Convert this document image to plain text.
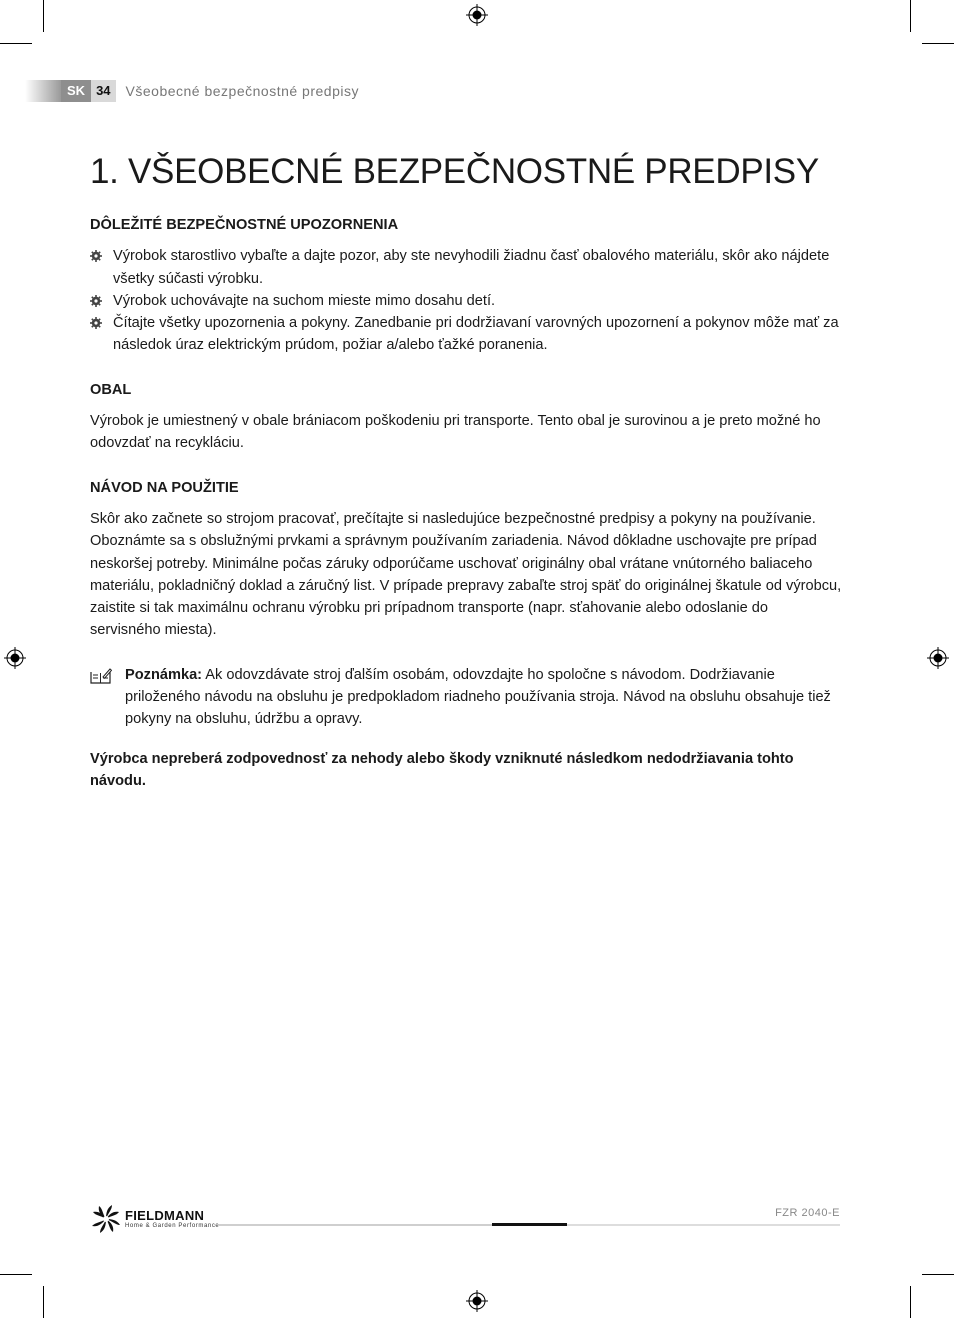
SK 34	Všeobecné bezpečnostné predpisy
1. VŠEOBECNÉ BEZPEČNOSTNÉ PREDPISY
DÔLEŽITÉ BEZPEČNOSTNÉ UPOZORNENIA
Výrobok starostlivo vybaľte a dajte pozor, aby ste nevyhodili žiadnu časť obalového materiálu, skôr ako nájdete všetky súčasti výrobku.
Výrobok uchovávajte na suchom mieste mimo dosahu detí.
Čítajte všetky upozornenia a pokyny. Zanedbanie pri dodržiavaní varovných upozornení a pokynov môže mať za následok úraz elektrickým prúdom, požiar a/alebo ťažké poranenia.
OBAL

Výrobok je umiestnený v obale brániacom poškodeniu pri transporte. Tento obal je surovinou a je preto možné ho odovzdať na recykláciu.

NÁVOD NA POUŽITIE

Skôr ako začnete so strojom pracovať, prečítajte si nasledujúce bezpečnostné predpisy a pokyny na používanie. Oboznámte sa s obslužnými prvkami a správnym používaním zariadenia. Návod dôkladne uschovajte pre prípad neskoršej potreby. Minimálne počas záruky odporúčame uschovať originálny obal vrátane vnútorného baliaceho materiálu, pokladničný doklad a záručný list. V prípade prepravy zabaľte stroj späť do originálnej škatule od výrobcu, zaistite si tak maximálnu ochranu výrobku pri prípadnom transporte (napr. sťahovanie alebo odoslanie do servisného miesta).

Poznámka: Ak odovzdávate stroj ďalším osobám, odovzdajte ho spoločne s návodom. Dodržiavanie priloženého návodu na obsluhu je predpokladom riadneho používania stroja. Návod na obsluhu obsahuje tiež pokyny na obsluhu, údržbu a opravy.

Výrobca nepreberá zodpovednosť za nehody alebo škody vzniknuté následkom nedodržiavania tohto návodu.

FIELDMANN
Home & Garden Performance
FZR 2040-E
